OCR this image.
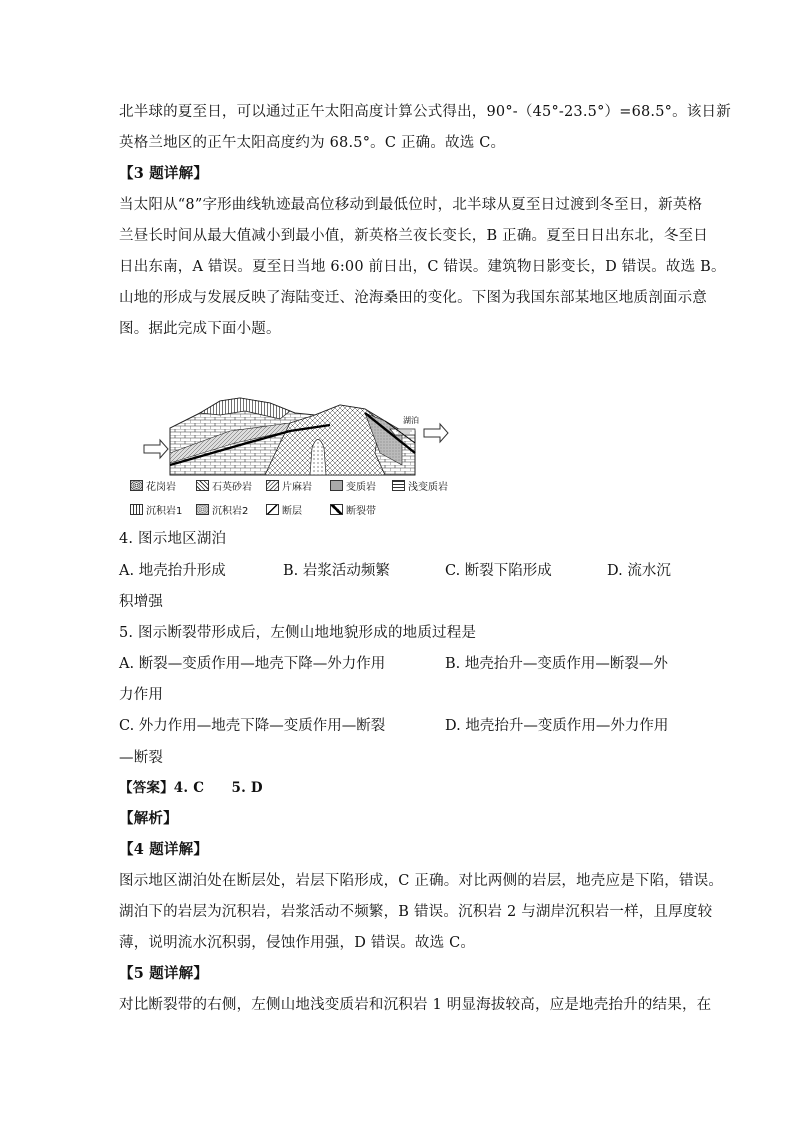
北半球的夏至日，可以通过正午太阳高度计算公式得出，90°-（45°-23.5°）=68.5°。该日新
英格兰地区的正午太阳高度约为 68.5°。C 正确。故选 C。
【3 题详解】
当太阳从“8”字形曲线轨迹最高位移动到最低位时，北半球从夏至日过渡到冬至日，新英格
兰昼长时间从最大值减小到最小值，新英格兰夜长变长，B 正确。夏至日日出东北，冬至日
日出东南，A 错误。夏至日当地 6:00 前日出，C 错误。建筑物日影变长，D 错误。故选 B。
山地的形成与发展反映了海陆变迁、沧海桑田的变化。下图为我国东部某地区地质剖面示意
图。据此完成下面小题。
湖泊
花岗岩	石英砂岩	片麻岩	变质岩	浅变质岩
沉积岩1	沉积岩2	断层	断裂带
4. 图示地区湖泊
A. 地壳抬升形成	B. 岩浆活动频繁	C. 断裂下陷形成	D. 流水沉
积增强
5. 图示断裂带形成后，左侧山地地貌形成的地质过程是
A. 断裂—变质作用—地壳下降—外力作用	B. 地壳抬升—变质作用—断裂—外
力作用
C. 外力作用—地壳下降—变质作用—断裂	D. 地壳抬升—变质作用—外力作用
—断裂
【答案】4. C　　5. D
【解析】
【4 题详解】
图示地区湖泊处在断层处，岩层下陷形成，C 正确。对比两侧的岩层，地壳应是下陷，错误。
湖泊下的岩层为沉积岩，岩浆活动不频繁，B 错误。沉积岩 2 与湖岸沉积岩一样，且厚度较
薄，说明流水沉积弱，侵蚀作用强，D 错误。故选 C。
【5 题详解】
对比断裂带的右侧，左侧山地浅变质岩和沉积岩 1 明显海拔较高，应是地壳抬升的结果，在
